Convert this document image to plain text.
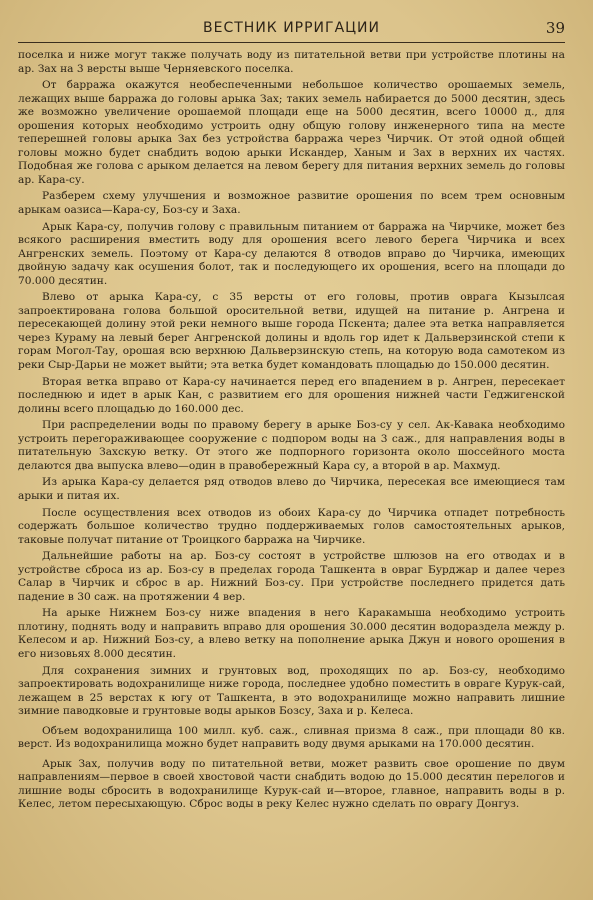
ВЕСТНИК ИРРИГАЦИИ	39

поселка и ниже могут также получать воду из питательной ветви при устройстве плотины на ар. Зах на 3 версты выше Черняевского поселка.

От барража окажутся необеспеченными небольшое количество орошаемых земель, лежащих выше барража до головы арыка Зах; таких земель набирается до 5000 десятин, здесь же возможно увеличение орошаемой площади еще на 5000 десятин, всего 10000 д., для орошения которых необходимо устроить одну общую голову инженерного типа на месте теперешней головы арыка Зах без устройства барража через Чирчик. От этой одной общей головы можно будет снабдить водою арыки Искандер, Ханым и Зах в верхних их частях. Подобная же голова с арыком делается на левом берегу для питания верхних земель до головы ар. Кара-су.

Разберем схему улучшения и возможное развитие орошения по всем трем основным арыкам оазиса—Кара-су, Боз-су и Заха.

Арык Кара-су, получив голову с правильным питанием от барража на Чирчике, может без всякого расширения вместить воду для орошения всего левого берега Чирчика и всех Ангренских земель. Поэтому от Кара-су делаются 8 отводов вправо до Чирчика, имеющих двойную задачу как осушения болот, так и последующего их орошения, всего на площади до 70.000 десятин.

Влево от арыка Кара-су, с 35 версты от его головы, против оврага Кызылсая запроектирована голова большой оросительной ветви, идущей на питание р. Ангрена и пересекающей долину этой реки немного выше города Пскента; далее эта ветка направляется через Кураму на левый берег Ангренской долины и вдоль гор идет к Дальверзинской степи к горам Могол-Тау, орошая всю верхнюю Дальверзинскую степь, на которую вода самотеком из реки Сыр-Дарьи не может выйти; эта ветка будет командовать площадью до 150.000 десятин.

Вторая ветка вправо от Кара-су начинается перед его впадением в р. Ангрен, пересекает последнюю и идет в арык Кан, с развитием его для орошения нижней части Геджигенской долины всего площадью до 160.000 дес.

При распределении воды по правому берегу в арыке Боз-су у сел. Ак-Кавака необходимо устроить перегораживающее сооружение с подпором воды на 3 саж., для направления воды в питательную Захскую ветку. От этого же подпорного горизонта около шоссейного моста делаются два выпуска влево—один в правобережный Кара су, а второй в ар. Махмуд.

Из арыка Кара-су делается ряд отводов влево до Чирчика, пересекая все имеющиеся там арыки и питая их.

После осуществления всех отводов из обоих Кара-су до Чирчика отпадет потребность содержать большое количество трудно поддерживаемых голов самостоятельных арыков, таковые получат питание от Троицкого барража на Чирчике.

Дальнейшие работы на ар. Боз-су состоят в устройстве шлюзов на его отводах и в устройстве сброса из ар. Боз-су в пределах города Ташкента в овраг Бурджар и далее через Салар в Чирчик и сброс в ар. Нижний Боз-су. При устройстве последнего придется дать падение в 30 саж. на протяжении 4 вер.

На арыке Нижнем Боз-су ниже впадения в него Каракамыша необходимо устроить плотину, поднять воду и направить вправо для орошения 30.000 десятин водораздела между р. Келесом и ар. Нижний Боз-су, а влево ветку на пополнение арыка Джун и нового орошения в его низовьях 8.000 десятин.

Для сохранения зимних и грунтовых вод, проходящих по ар. Боз-су, необходимо запроектировать водохранилище ниже города, последнее удобно поместить в овраге Курук-сай, лежащем в 25 верстах к югу от Ташкента, в это водохранилище можно направить лишние зимние паводковые и грунтовые воды арыков Бозсу, Заха и р. Келеса.

Объем водохранилища 100 милл. куб. саж., сливная призма 8 саж., при площади 80 кв. верст. Из водохранилища можно будет направить воду двумя арыками на 170.000 десятин.

Арык Зах, получив воду по питательной ветви, может развить свое орошение по двум направлениям—первое в своей хвостовой части снабдить водою до 15.000 десятин перелогов и лишние воды сбросить в водохранилище Курук-сай и—второе, главное, направить воды в р. Келес, летом пересыхающую. Сброс воды в реку Келес нужно сделать по оврагу Донгуз.
